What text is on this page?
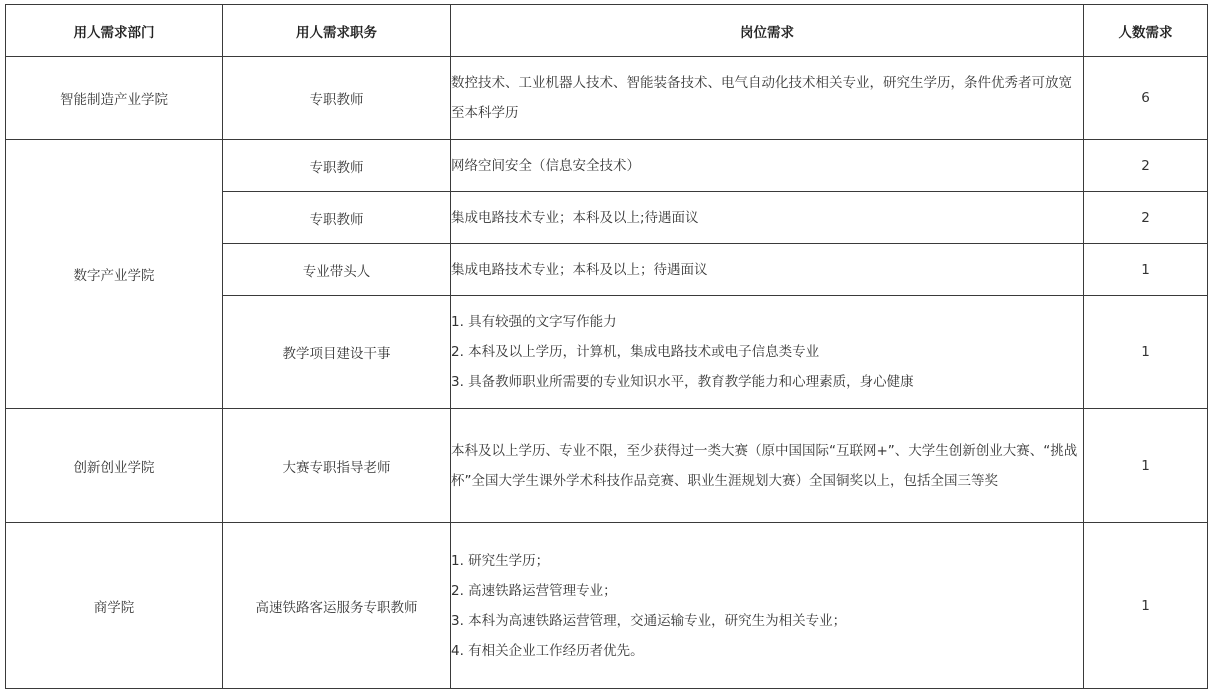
用人需求部门	用人需求职务	岗位需求	人数需求
智能制造产业学院	专职教师	数控技术、工业机器人技术、智能装备技术、电气自动化技术相关专业，研究生学历，条件优秀者可放宽至本科学历	6
数字产业学院	专职教师	网络空间安全（信息安全技术）	2
	专职教师	集成电路技术专业；本科及以上;待遇面议	2
	专业带头人	集成电路技术专业；本科及以上；待遇面议	1
	教学项目建设干事	1. 具有较强的文字写作能力
2. 本科及以上学历，计算机，集成电路技术或电子信息类专业
3. 具备教师职业所需要的专业知识水平，教育教学能力和心理素质，身心健康	1
创新创业学院	大赛专职指导老师	本科及以上学历、专业不限，至少获得过一类大赛（原中国国际“互联网+”、大学生创新创业大赛、“挑战杯”全国大学生课外学术科技作品竞赛、职业生涯规划大赛）全国铜奖以上，包括全国三等奖	1
商学院	高速铁路客运服务专职教师	1. 研究生学历；
2. 高速铁路运营管理专业；
3. 本科为高速铁路运营管理，交通运输专业，研究生为相关专业；
4. 有相关企业工作经历者优先。	1
